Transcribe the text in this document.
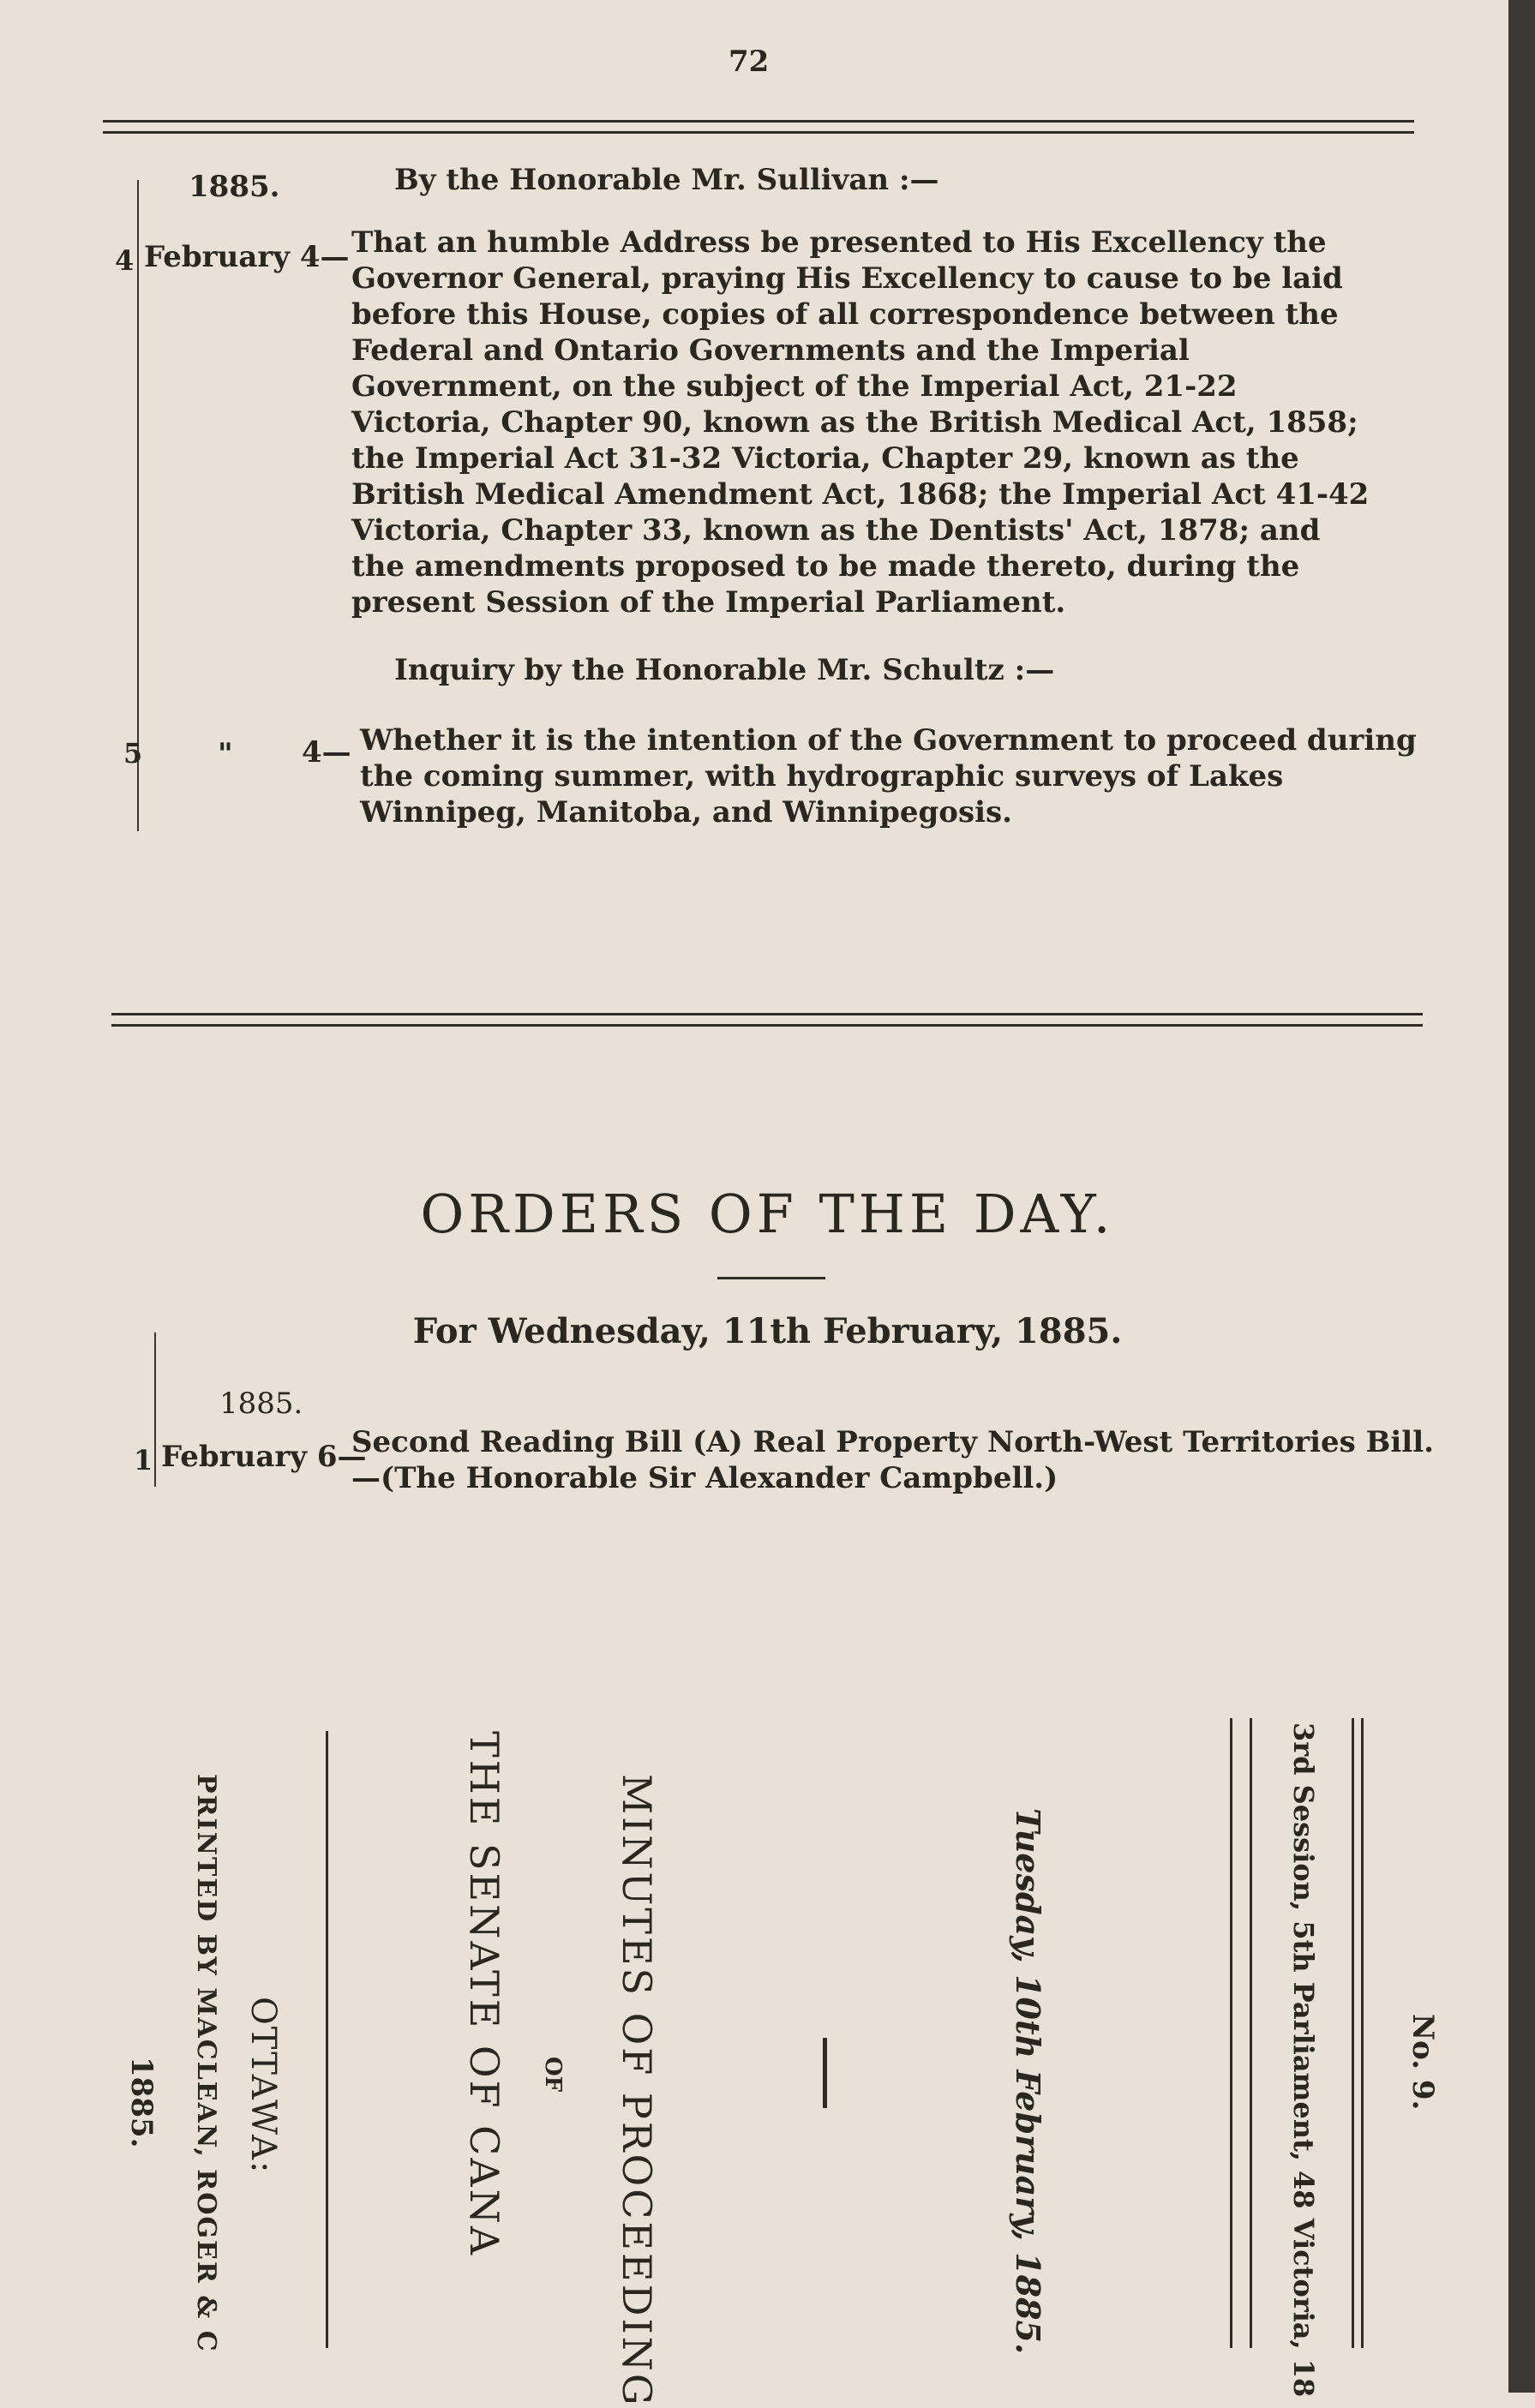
72
1885.	By the Honorable Mr. Sullivan :—
4 February 4— That an humble Address be presented to His Excellency the Governor General, praying His Excellency to cause to be laid before this House, copies of all correspondence between the Federal and Ontario Governments and the Imperial Government, on the subject of the Imperial Act, 21-22 Victoria, Chapter 90, known as the British Medical Act, 1858; the Imperial Act 31-32 Victoria, Chapter 29, known as the British Medical Amendment Act, 1868; the Imperial Act 41-42 Victoria, Chapter 33, known as the Dentists' Act, 1878; and the amendments proposed to be made thereto, during the present Session of the Imperial Parliament.
Inquiry by the Honorable Mr. Schultz :—
5	" 4— Whether it is the intention of the Government to proceed during the coming summer, with hydrographic surveys of Lakes Winnipeg, Manitoba, and Winnipegosis.
ORDERS OF THE DAY.
For Wednesday, 11th February, 1885.
1885.
1 February 6—
Second Reading Bill (A) Real Property North-West Territories Bill.—(The Honorable Sir Alexander Campbell.)
No. 9.
3rd Session, 5th Parliament, 48 Victoria, 18
Tuesday, 10th February, 1885.
MINUTES OF PROCEEDING
OF
THE SENATE OF CANA
OTTAWA:
PRINTED BY MACLEAN, ROGER & C
1885.
